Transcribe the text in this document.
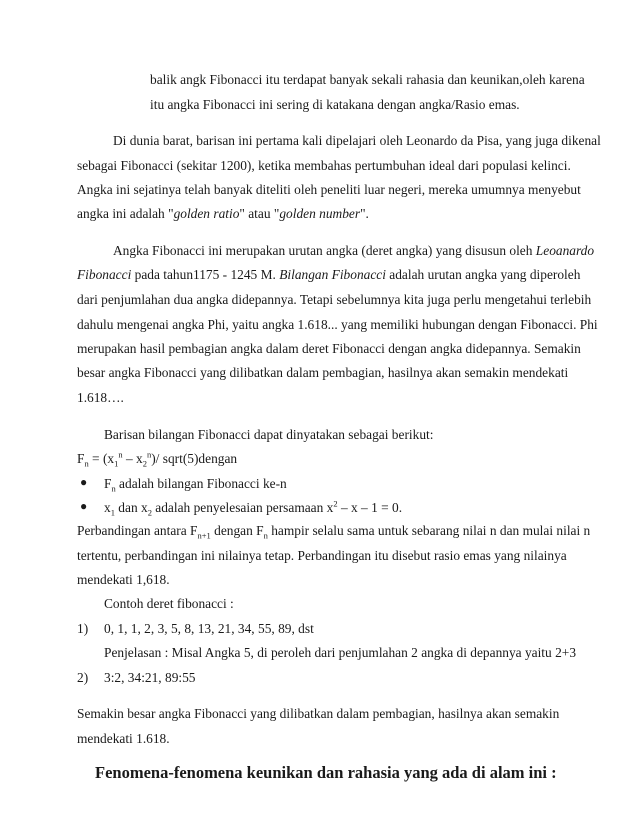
balik angk Fibonacci itu terdapat banyak sekali rahasia dan keunikan,oleh karena
itu angka Fibonacci ini sering di katakana dengan angka/Rasio emas.
Di dunia barat, barisan ini pertama kali dipelajari oleh Leonardo da Pisa, yang juga dikenal
sebagai Fibonacci (sekitar 1200), ketika membahas pertumbuhan ideal dari populasi kelinci.
Angka ini sejatinya telah banyak diteliti oleh peneliti luar negeri, mereka umumnya menyebut
angka ini adalah "golden ratio" atau "golden number".
Angka Fibonacci ini merupakan urutan angka (deret angka) yang disusun oleh Leoanardo
Fibonacci pada tahun1175 - 1245 M. Bilangan Fibonacci adalah urutan angka yang diperoleh
dari penjumlahan dua angka didepannya. Tetapi sebelumnya kita juga perlu mengetahui terlebih
dahulu mengenai angka Phi, yaitu angka 1.618... yang memiliki hubungan dengan Fibonacci. Phi
merupakan hasil pembagian angka dalam deret Fibonacci dengan angka didepannya. Semakin
besar angka Fibonacci yang dilibatkan dalam pembagian, hasilnya akan semakin mendekati
1.618….
Barisan bilangan Fibonacci dapat dinyatakan sebagai berikut:
$F_n = (x_1^n - x_2^n)/$ sqrt(5)dengan
● $F_n$ adalah bilangan Fibonacci ke-n
● $x_1$ dan $x_2$ adalah penyelesaian persamaan $x^2 - x - 1 = 0$.
Perbandingan antara $F_{n+1}$ dengan $F_n$ hampir selalu sama untuk sebarang nilai n dan mulai nilai n
tertentu, perbandingan ini nilainya tetap. Perbandingan itu disebut rasio emas yang nilainya
mendekati 1,618.
Contoh deret fibonacci :
1) 0, 1, 1, 2, 3, 5, 8, 13, 21, 34, 55, 89, dst
Penjelasan : Misal Angka 5, di peroleh dari penjumlahan 2 angka di depannya yaitu 2+3
2) 3:2, 34:21, 89:55
Semakin besar angka Fibonacci yang dilibatkan dalam pembagian, hasilnya akan semakin
mendekati 1.618.
Fenomena-fenomena keunikan dan rahasia yang ada di alam ini :
